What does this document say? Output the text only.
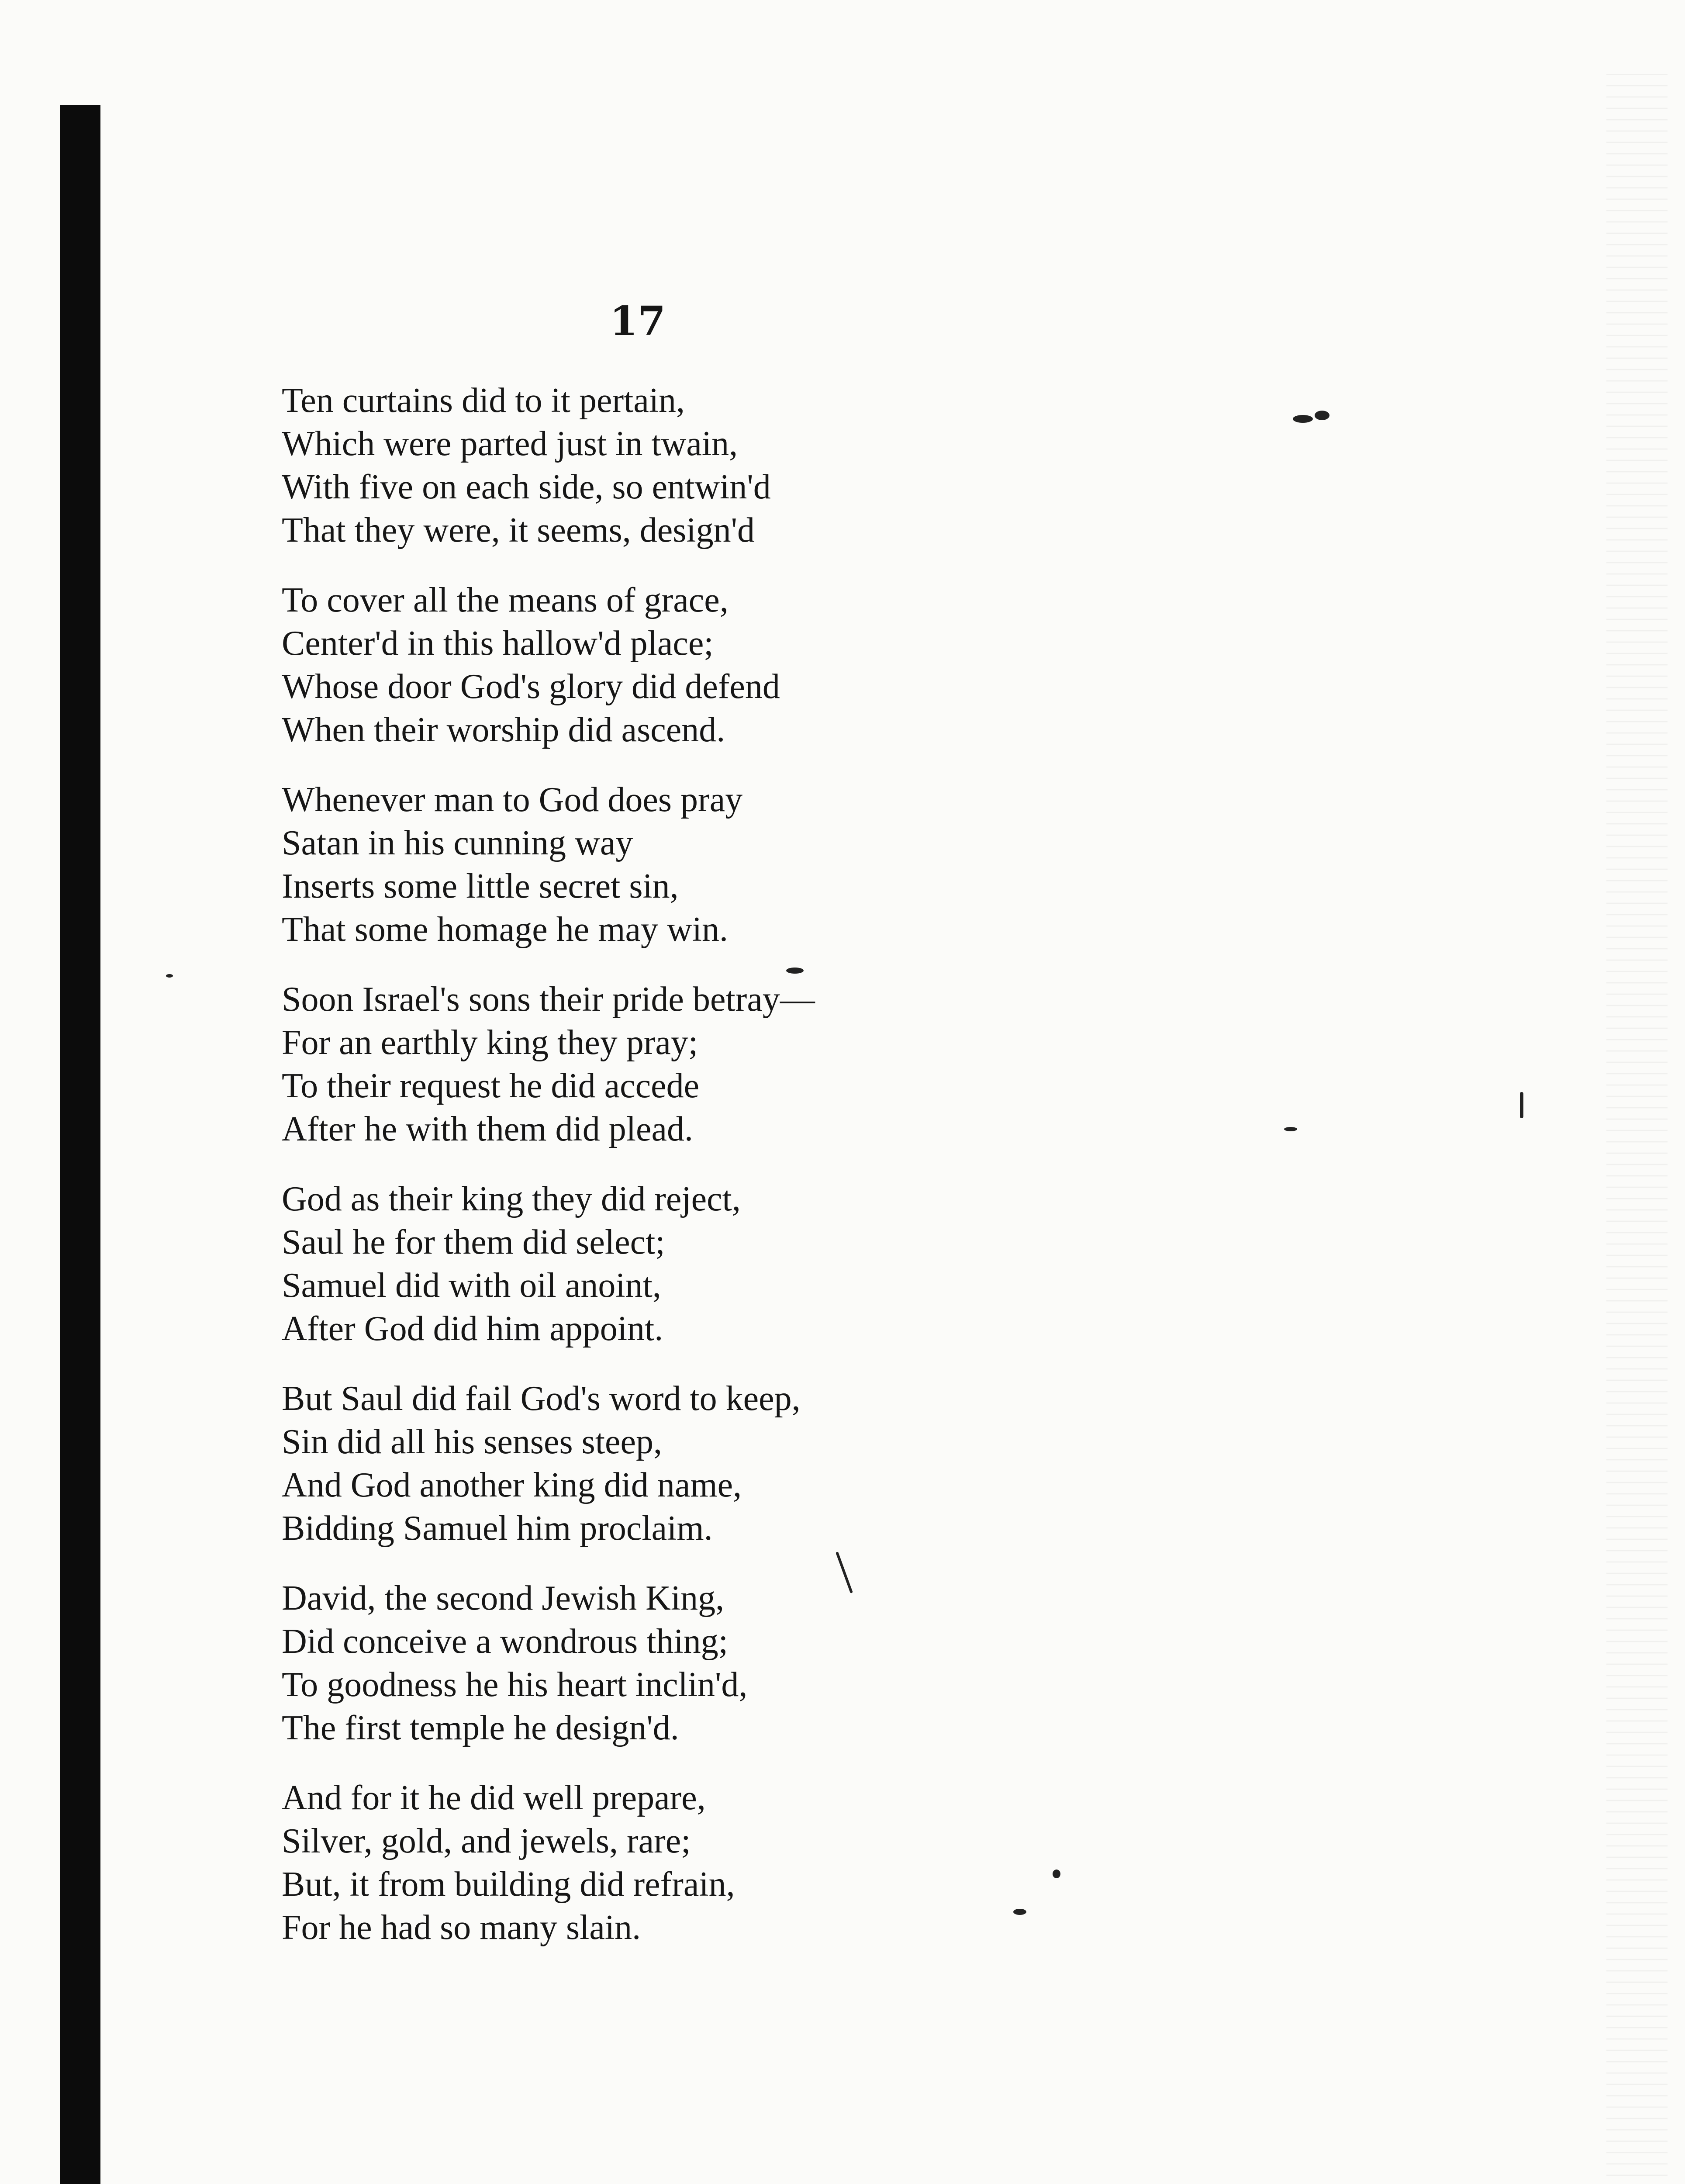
17
Ten curtains did to it pertain,
Which were parted just in twain,
With five on each side, so entwin'd
That they were, it seems, design'd
To cover all the means of grace,
Center'd in this hallow'd place;
Whose door God's glory did defend
When their worship did ascend.
Whenever man to God does pray
Satan in his cunning way
Inserts some little secret sin,
That some homage he may win.
Soon Israel's sons their pride betray—
For an earthly king they pray;
To their request he did accede
After he with them did plead.
God as their king they did reject,
Saul he for them did select;
Samuel did with oil anoint,
After God did him appoint.
But Saul did fail God's word to keep,
Sin did all his senses steep,
And God another king did name,
Bidding Samuel him proclaim.
David, the second Jewish King,
Did conceive a wondrous thing;
To goodness he his heart inclin'd,
The first temple he design'd.
And for it he did well prepare,
Silver, gold, and jewels, rare;
But, it from building did refrain,
For he had so many slain.
